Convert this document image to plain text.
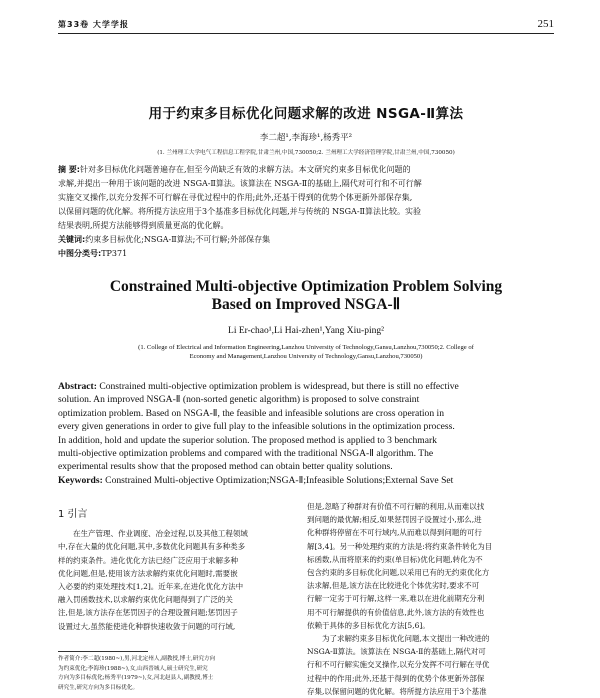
第33卷 大学学报	251
用于约束多目标优化问题求解的改进 NSGA-Ⅱ算法
李二超¹,李海珍¹,杨秀平²
(1. 兰州理工大学电气工程信息工程学院,甘肃兰州,中国,730050;2. 兰州理工大学经济管理学院,甘肃兰州,中国,730050)

摘 要:针对多目标优化问题普遍存在,但至今尚缺乏有效的求解方法。本文研究约束多目标优化问题的

求解,并提出一种用于该问题的改进 NSGA-Ⅱ算法。该算法在 NSGA-Ⅱ的基础上,隔代对可行和不可行解

实施交叉操作,以充分发挥不可行解在寻优过程中的作用;此外,还基于得到的优势个体更新外部保存集,

以保留问题的优化解。将所提方法应用于3个基准多目标优化问题,并与传统的 NSGA-Ⅱ算法比较。实验

结果表明,所提方法能够得到质量更高的优化解。

关键词:约束多目标优化;NSGA-Ⅱ算法;不可行解;外部保存集

中图分类号:TP371

Constrained Multi-objective Optimization Problem Solving
Based on Improved NSGA-Ⅱ
Li Er-chao¹,Li Hai-zhen¹,Yang Xiu-ping²
(1. College of Electrical and Information Engineering,Lanzhou University of Technology,Gansu,Lanzhou,730050;2. College of
Economy and Management,Lanzhou University of Technology,Gansu,Lanzhou,730050)
Abstract: Constrained multi-objective optimization problem is widespread, but there is still no effective
solution. An improved NSGA-Ⅱ (non-sorted genetic algorithm) is proposed to solve constraint
optimization problem. Based on NSGA-Ⅱ, the feasible and infeasible solutions are cross operation in
every given generations in order to give full play to the infeasible solutions in the optimization process.
In addition, hold and update the superior solution. The proposed method is applied to 3 benchmark
multi-objective optimization problems and compared with the traditional NSGA-Ⅱ algorithm. The
experimental results show that the proposed method can obtain better quality solutions.
Keywords: Constrained Multi-objective Optimization;NSGA-Ⅱ;Infeasible Solutions;External Save Set
1 引言
在生产管理、作业调度、冶金过程,以及其他工程领域
中,存在大量的优化问题,其中,多数优化问题具有多种类多
样的约束条件。进化优化方法已经广泛应用于求解多种
优化问题,但是,使用该方法求解约束优化问题时,需要嵌
入必要的约束处理技术[1,2]。近年来,在进化优化方法中
融入罚函数技术,以求解约束优化问题得到了广泛的关
注,但是,该方法存在惩罚因子的合理设置问题;惩罚因子
设置过大,虽然能使进化种群快速收敛于问题的可行域,
但是,忽略了种群对有价值不可行解的利用,从而难以找
到问题的最优解;相反,如果惩罚因子设置过小,那么,进
化种群将停留在不可行域内,从而难以得到问题的可行
解[3,4]。另一种处理约束的方法是:将约束条件转化为目
标函数,从而将原来的约束(单目标)优化问题,转化为不
包含约束的多目标优化问题,以采用已有的无约束优化方
法求解,但是,该方法在比较进化个体优劣时,要求不可
行解一定劣于可行解,这样一来,难以在进化前期充分利
用不可行解提供的有价值信息,此外,该方法的有效性也
依赖于具体的多目标优化方法[5,6]。
为了求解约束多目标优化问题,本文提出一种改进的
NSGA-Ⅱ算法。该算法在 NSGA-Ⅱ的基础上,隔代对可
行和不可行解实施交叉操作,以充分发挥不可行解在寻优
过程中的作用;此外,还基于得到的优势个体更新外部保
存集,以保留问题的优化解。将所提方法应用于3个基准
作者简介:李二超(1980~),男,河北定州人,副教授,博士,研究方向
为约束优化;李海珍(1988~),女,山西晋城人,硕士研究生,研究
方向为多目标优化;杨秀平(1979~),女,河北赵县人,副教授,博士
研究生,研究方向为多目标优化。
